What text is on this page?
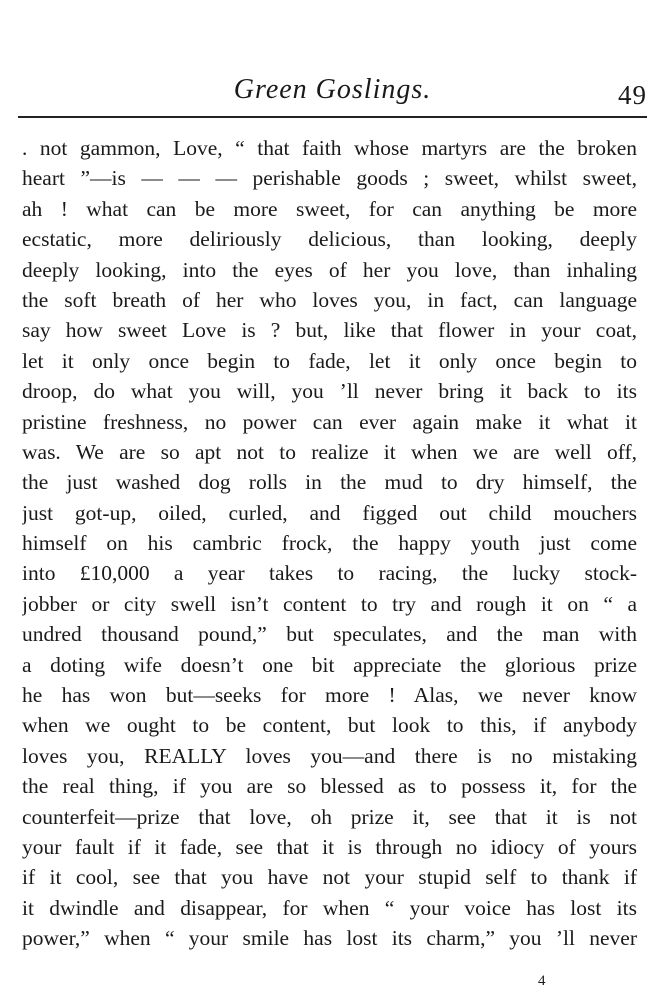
Green Goslings.	49
. not gammon, Love, “ that faith whose martyrs are the broken
heart ”—is — — — perishable goods ; sweet, whilst sweet,
ah ! what can be more sweet, for can anything be more
ecstatic, more deliriously delicious, than looking, deeply
deeply looking, into the eyes of her you love, than inhaling
the soft breath of her who loves you, in fact, can language
say how sweet Love is ? but, like that flower in your coat,
let it only once begin to fade, let it only once begin to
droop, do what you will, you ’ll never bring it back to its
pristine freshness, no power can ever again make it what it
was. We are so apt not to realize it when we are well off,
the just washed dog rolls in the mud to dry himself, the
just got-up, oiled, curled, and figged out child mouchers
himself on his cambric frock, the happy youth just come
into £10,000 a year takes to racing, the lucky stock-
jobber or city swell isn’t content to try and rough it on “ a
undred thousand pound,” but speculates, and the man with
a doting wife doesn’t one bit appreciate the glorious prize
he has won but—seeks for more ! Alas, we never know
when we ought to be content, but look to this, if anybody
loves you, REALLY loves you—and there is no mistaking
the real thing, if you are so blessed as to possess it, for the
counterfeit—prize that love, oh prize it, see that it is not
your fault if it fade, see that it is through no idiocy of yours
if it cool, see that you have not your stupid self to thank if
it dwindle and disappear, for when “ your voice has lost its
power,” when “ your smile has lost its charm,” you ’ll never
4
